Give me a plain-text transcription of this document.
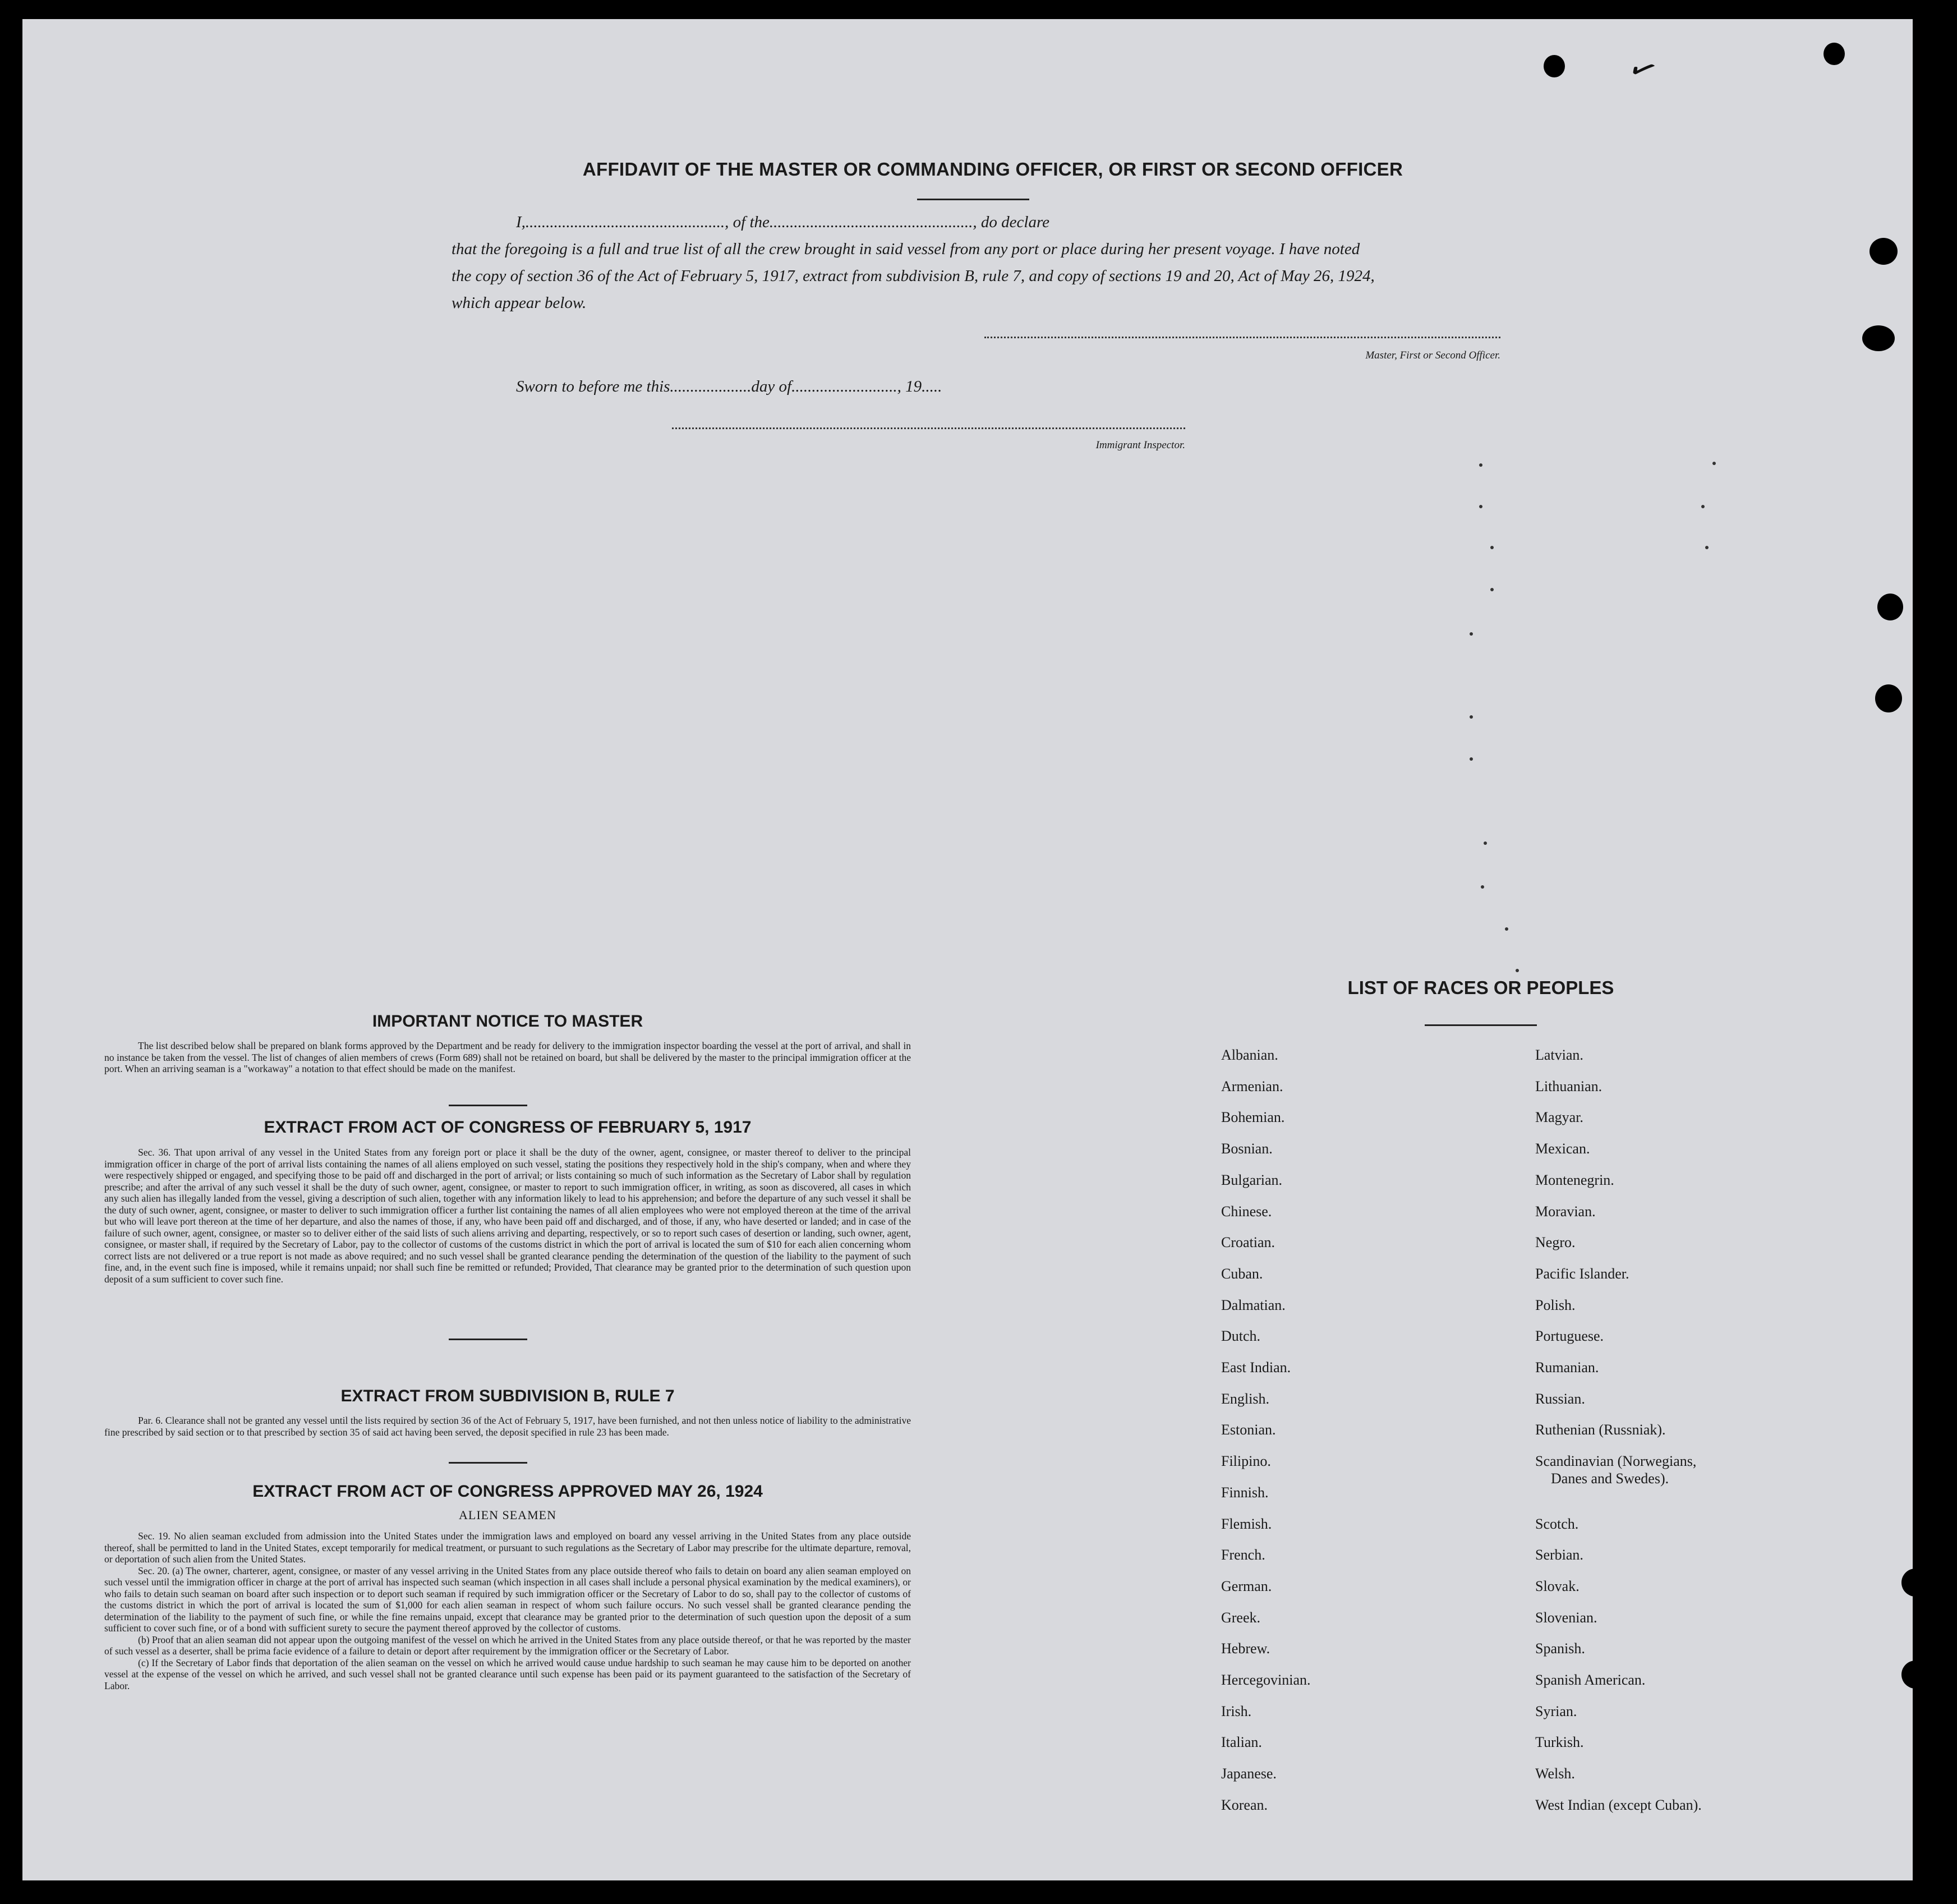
✓
AFFIDAVIT OF THE MASTER OR COMMANDING OFFICER, OR FIRST OR SECOND OFFICER
I,................................................., of the.................................................., do declare
that the foregoing is a full and true list of all the crew brought in said vessel from any port or place during her present voyage. I have noted
the copy of section 36 of the Act of February 5, 1917, extract from subdivision B, rule 7, and copy of sections 19 and 20, Act of May 26, 1924,
which appear below.
Master, First or Second Officer.
Sworn to before me this....................day of.........................., 19.....
Immigrant Inspector.
IMPORTANT NOTICE TO MASTER

The list described below shall be prepared on blank forms approved by the Department and be ready for delivery to the immigration inspector boarding the vessel at the port of arrival, and shall in no instance be taken from the vessel. The list of changes of alien members of crews (Form 689) shall not be retained on board, but shall be delivered by the master to the principal immigration officer at the port. When an arriving seaman is a "workaway" a notation to that effect should be made on the manifest.

EXTRACT FROM ACT OF CONGRESS OF FEBRUARY 5, 1917

Sec. 36. That upon arrival of any vessel in the United States from any foreign port or place it shall be the duty of the owner, agent, consignee, or master thereof to deliver to the principal immigration officer in charge of the port of arrival lists containing the names of all aliens employed on such vessel, stating the positions they respectively hold in the ship's company, when and where they were respectively shipped or engaged, and specifying those to be paid off and discharged in the port of arrival; or lists containing so much of such information as the Secretary of Labor shall by regulation prescribe; and after the arrival of any such vessel it shall be the duty of such owner, agent, consignee, or master to report to such immigration officer, in writing, as soon as discovered, all cases in which any such alien has illegally landed from the vessel, giving a description of such alien, together with any information likely to lead to his apprehension; and before the departure of any such vessel it shall be the duty of such owner, agent, consignee, or master to deliver to such immigration officer a further list containing the names of all alien employees who were not employed thereon at the time of the arrival but who will leave port thereon at the time of her departure, and also the names of those, if any, who have been paid off and discharged, and of those, if any, who have deserted or landed; and in case of the failure of such owner, agent, consignee, or master so to deliver either of the said lists of such aliens arriving and departing, respectively, or so to report such cases of desertion or landing, such owner, agent, consignee, or master shall, if required by the Secretary of Labor, pay to the collector of customs of the customs district in which the port of arrival is located the sum of $10 for each alien concerning whom correct lists are not delivered or a true report is not made as above required; and no such vessel shall be granted clearance pending the determination of the question of the liability to the payment of such fine, and, in the event such fine is imposed, while it remains unpaid; nor shall such fine be remitted or refunded; Provided, That clearance may be granted prior to the determination of such question upon deposit of a sum sufficient to cover such fine.

EXTRACT FROM SUBDIVISION B, RULE 7

Par. 6. Clearance shall not be granted any vessel until the lists required by section 36 of the Act of February 5, 1917, have been furnished, and not then unless notice of liability to the administrative fine prescribed by said section or to that prescribed by section 35 of said act having been served, the deposit specified in rule 23 has been made.

EXTRACT FROM ACT OF CONGRESS APPROVED MAY 26, 1924
ALIEN SEAMEN

Sec. 19. No alien seaman excluded from admission into the United States under the immigration laws and employed on board any vessel arriving in the United States from any place outside thereof, shall be permitted to land in the United States, except temporarily for medical treatment, or pursuant to such regulations as the Secretary of Labor may prescribe for the ultimate departure, removal, or deportation of such alien from the United States.

Sec. 20. (a) The owner, charterer, agent, consignee, or master of any vessel arriving in the United States from any place outside thereof who fails to detain on board any alien seaman employed on such vessel until the immigration officer in charge at the port of arrival has inspected such seaman (which inspection in all cases shall include a personal physical examination by the medical examiners), or who fails to detain such seaman on board after such inspection or to deport such seaman if required by such immigration officer or the Secretary of Labor to do so, shall pay to the collector of customs of the customs district in which the port of arrival is located the sum of $1,000 for each alien seaman in respect of whom such failure occurs. No such vessel shall be granted clearance pending the determination of the liability to the payment of such fine, or while the fine remains unpaid, except that clearance may be granted prior to the determination of such question upon the deposit of a sum sufficient to cover such fine, or of a bond with sufficient surety to secure the payment thereof approved by the collector of customs.

(b) Proof that an alien seaman did not appear upon the outgoing manifest of the vessel on which he arrived in the United States from any place outside thereof, or that he was reported by the master of such vessel as a deserter, shall be prima facie evidence of a failure to detain or deport after requirement by the immigration officer or the Secretary of Labor.

(c) If the Secretary of Labor finds that deportation of the alien seaman on the vessel on which he arrived would cause undue hardship to such seaman he may cause him to be deported on another vessel at the expense of the vessel on which he arrived, and such vessel shall not be granted clearance until such expense has been paid or its payment guaranteed to the satisfaction of the Secretary of Labor.

LIST OF RACES OR PEOPLES
Albanian.
Armenian.
Bohemian.
Bosnian.
Bulgarian.
Chinese.
Croatian.
Cuban.
Dalmatian.
Dutch.
East Indian.
English.
Estonian.
Filipino.
Finnish.
Flemish.
French.
German.
Greek.
Hebrew.
Hercegovinian.
Irish.
Italian.
Japanese.
Korean.
Latvian.
Lithuanian.
Magyar.
Mexican.
Montenegrin.
Moravian.
Negro.
Pacific Islander.
Polish.
Portuguese.
Rumanian.
Russian.
Ruthenian (Russniak).
Scandinavian (Norwegians,
Danes and Swedes).
Scotch.
Serbian.
Slovak.
Slovenian.
Spanish.
Spanish American.
Syrian.
Turkish.
Welsh.
West Indian (except Cuban).
